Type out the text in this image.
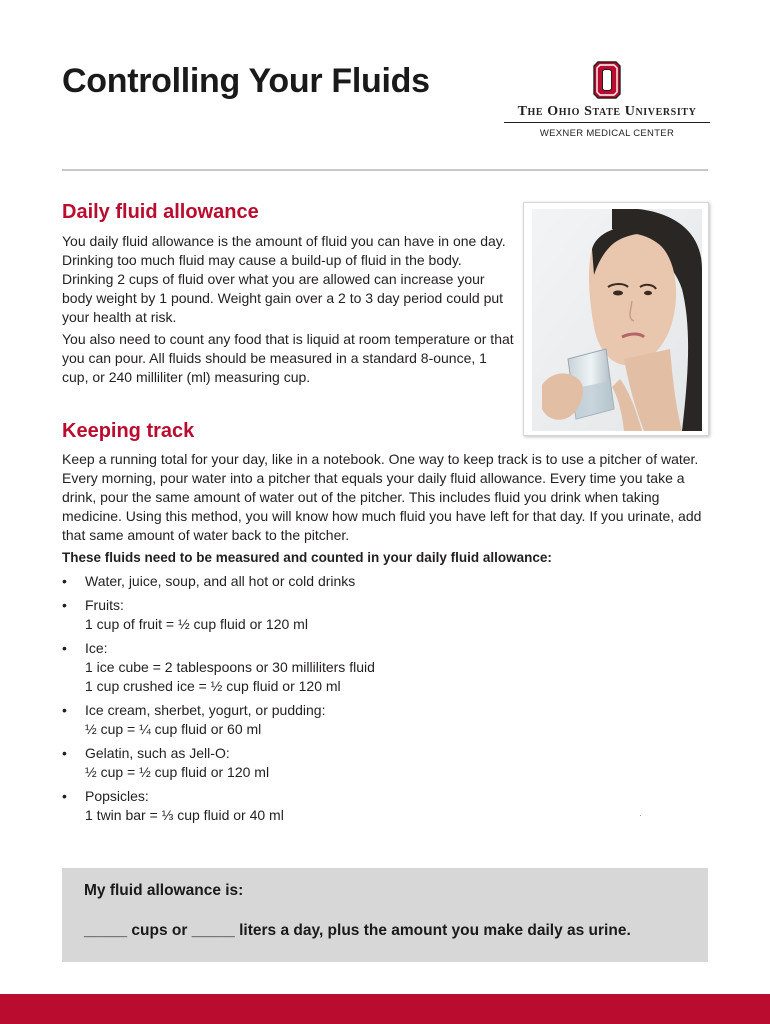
Controlling Your Fluids
The Ohio State University
WEXNER MEDICAL CENTER
Daily fluid allowance
You daily fluid allowance is the amount of fluid you can have in one day. Drinking too much fluid may cause a build-up of fluid in the body. Drinking 2 cups of fluid over what you are allowed can increase your body weight by 1 pound. Weight gain over a 2 to 3 day period could put your health at risk.
You also need to count any food that is liquid at room temperature or that you can pour. All fluids should be measured in a standard 8-ounce, 1 cup, or 240 milliliter (ml) measuring cup.
Keeping track
Keep a running total for your day, like in a notebook. One way to keep track is to use a pitcher of water. Every morning, pour water into a pitcher that equals your daily fluid allowance. Every time you take a drink, pour the same amount of water out of the pitcher. This includes fluid you drink when taking medicine. Using this method, you will know how much fluid you have left for that day. If you urinate, add that same amount of water back to the pitcher.
These fluids need to be measured and counted in your daily fluid allowance:
• Water, juice, soup, and all hot or cold drinks
• Fruits:
1 cup of fruit = ½ cup fluid or 120 ml
• Ice:
1 ice cube = 2 tablespoons or 30 milliliters fluid
1 cup crushed ice = ½ cup fluid or 120 ml
• Ice cream, sherbet, yogurt, or pudding:
½ cup = ¼ cup fluid or 60 ml
• Gelatin, such as Jell-O:
½ cup = ½ cup fluid or 120 ml
• Popsicles:
1 twin bar = ⅓ cup fluid or 40 ml
My fluid allowance is:
_____ cups or _____ liters a day, plus the amount you make daily as urine.
